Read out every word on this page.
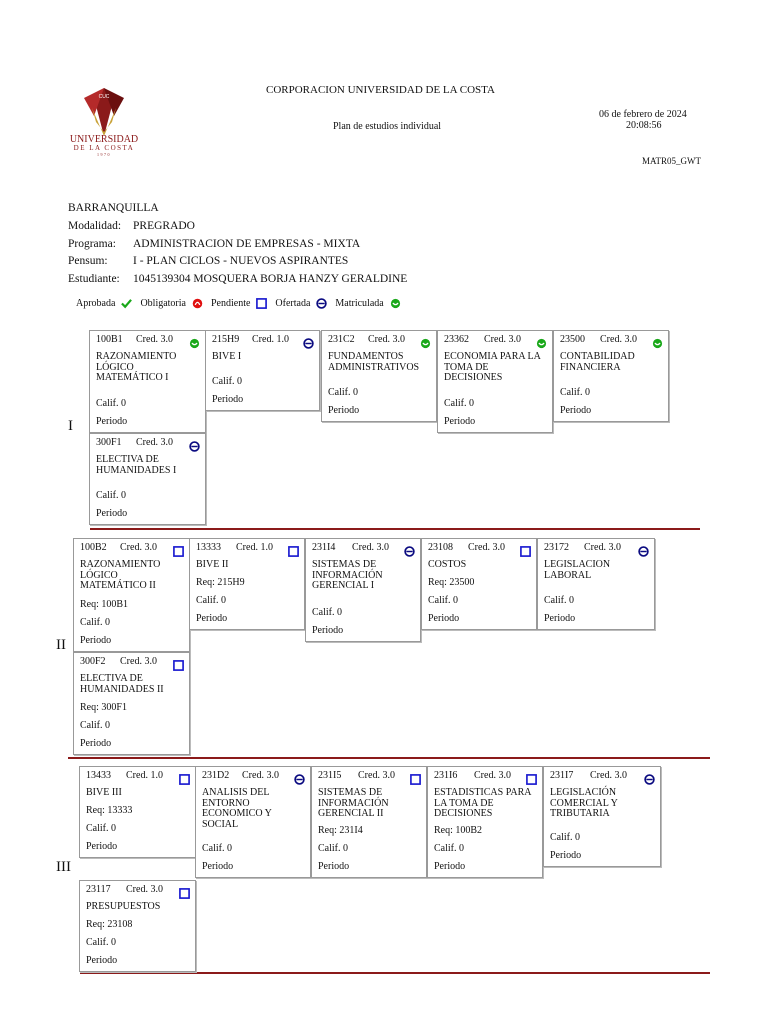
CUC
UNIVERSIDAD
DE LA COSTA
1970
CORPORACION UNIVERSIDAD DE LA COSTA
Plan de estudios individual
06 de febrero de 2024
20:08:56
MATR05_GWT
BARRANQUILLA
Modalidad: PREGRADO
Programa: ADMINISTRACION DE EMPRESAS - MIXTA
Pensum: I - PLAN CICLOS - NUEVOS ASPIRANTES
Estudiante: 1045139304 MOSQUERA BORJA HANZY GERALDINE
Aprobada	Obligatoria	Pendiente	Ofertada	Matriculada
I
II
III
100B1 Cred. 3.0
RAZONAMIENTO LÓGICO MATEMÁTICO I
Calif. 0
Periodo
215H9 Cred. 1.0
BIVE I
Calif. 0
Periodo
231C2 Cred. 3.0
FUNDAMENTOS ADMINISTRATIVOS
Calif. 0
Periodo
23362 Cred. 3.0
ECONOMIA PARA LA TOMA DE DECISIONES
Calif. 0
Periodo
23500 Cred. 3.0
CONTABILIDAD FINANCIERA
Calif. 0
Periodo
300F1 Cred. 3.0
ELECTIVA DE HUMANIDADES I
Calif. 0
Periodo
100B2 Cred. 3.0
RAZONAMIENTO LÓGICO MATEMÁTICO II
Req: 100B1
Calif. 0
Periodo
13333 Cred. 1.0
BIVE II
Req: 215H9
Calif. 0
Periodo
231I4 Cred. 3.0
SISTEMAS DE INFORMACIÓN GERENCIAL I
Calif. 0
Periodo
23108 Cred. 3.0
COSTOS
Req: 23500
Calif. 0
Periodo
23172 Cred. 3.0
LEGISLACION LABORAL
Calif. 0
Periodo
300F2 Cred. 3.0
ELECTIVA DE HUMANIDADES II
Req: 300F1
Calif. 0
Periodo
13433 Cred. 1.0
BIVE III
Req: 13333
Calif. 0
Periodo
231D2 Cred. 3.0
ANALISIS DEL ENTORNO ECONOMICO Y SOCIAL
Calif. 0
Periodo
231I5 Cred. 3.0
SISTEMAS DE INFORMACIÓN GERENCIAL II
Req: 231I4
Calif. 0
Periodo
231I6 Cred. 3.0
ESTADISTICAS PARA LA TOMA DE DECISIONES
Req: 100B2
Calif. 0
Periodo
231I7 Cred. 3.0
LEGISLACIÓN COMERCIAL Y TRIBUTARIA
Calif. 0
Periodo
23117 Cred. 3.0
PRESUPUESTOS
Req: 23108
Calif. 0
Periodo
